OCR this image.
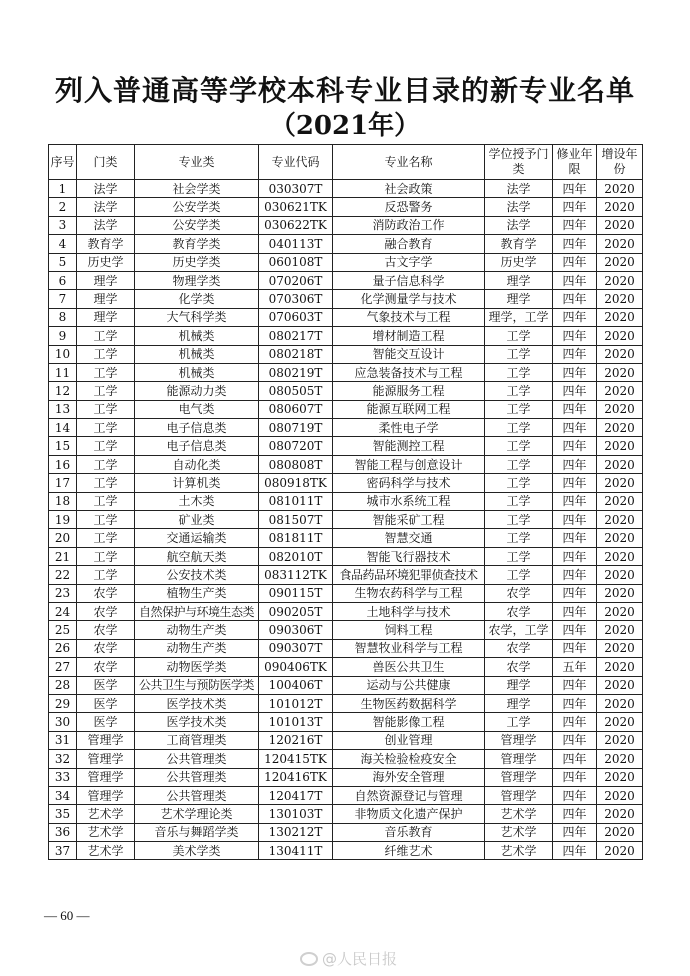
列入普通高等学校本科专业目录的新专业名单
（2021年）
序号	门类	专业类	专业代码	专业名称	学位授予门类	修业年限	增设年份
1	法学	社会学类	030307T	社会政策	法学	四年	2020
2	法学	公安学类	030621TK	反恐警务	法学	四年	2020
3	法学	公安学类	030622TK	消防政治工作	法学	四年	2020
4	教育学	教育学类	040113T	融合教育	教育学	四年	2020
5	历史学	历史学类	060108T	古文字学	历史学	四年	2020
6	理学	物理学类	070206T	量子信息科学	理学	四年	2020
7	理学	化学类	070306T	化学测量学与技术	理学	四年	2020
8	理学	大气科学类	070603T	气象技术与工程	理学，工学	四年	2020
9	工学	机械类	080217T	增材制造工程	工学	四年	2020
10	工学	机械类	080218T	智能交互设计	工学	四年	2020
11	工学	机械类	080219T	应急装备技术与工程	工学	四年	2020
12	工学	能源动力类	080505T	能源服务工程	工学	四年	2020
13	工学	电气类	080607T	能源互联网工程	工学	四年	2020
14	工学	电子信息类	080719T	柔性电子学	工学	四年	2020
15	工学	电子信息类	080720T	智能测控工程	工学	四年	2020
16	工学	自动化类	080808T	智能工程与创意设计	工学	四年	2020
17	工学	计算机类	080918TK	密码科学与技术	工学	四年	2020
18	工学	土木类	081011T	城市水系统工程	工学	四年	2020
19	工学	矿业类	081507T	智能采矿工程	工学	四年	2020
20	工学	交通运输类	081811T	智慧交通	工学	四年	2020
21	工学	航空航天类	082010T	智能飞行器技术	工学	四年	2020
22	工学	公安技术类	083112TK	食品药品环境犯罪侦查技术	工学	四年	2020
23	农学	植物生产类	090115T	生物农药科学与工程	农学	四年	2020
24	农学	自然保护与环境生态类	090205T	土地科学与技术	农学	四年	2020
25	农学	动物生产类	090306T	饲料工程	农学，工学	四年	2020
26	农学	动物生产类	090307T	智慧牧业科学与工程	农学	四年	2020
27	农学	动物医学类	090406TK	兽医公共卫生	农学	五年	2020
28	医学	公共卫生与预防医学类	100406T	运动与公共健康	理学	四年	2020
29	医学	医学技术类	101012T	生物医药数据科学	理学	四年	2020
30	医学	医学技术类	101013T	智能影像工程	工学	四年	2020
31	管理学	工商管理类	120216T	创业管理	管理学	四年	2020
32	管理学	公共管理类	120415TK	海关检验检疫安全	管理学	四年	2020
33	管理学	公共管理类	120416TK	海外安全管理	管理学	四年	2020
34	管理学	公共管理类	120417T	自然资源登记与管理	管理学	四年	2020
35	艺术学	艺术学理论类	130103T	非物质文化遗产保护	艺术学	四年	2020
36	艺术学	音乐与舞蹈学类	130212T	音乐教育	艺术学	四年	2020
37	艺术学	美术学类	130411T	纤维艺术	艺术学	四年	2020
— 60 —
@人民日报
